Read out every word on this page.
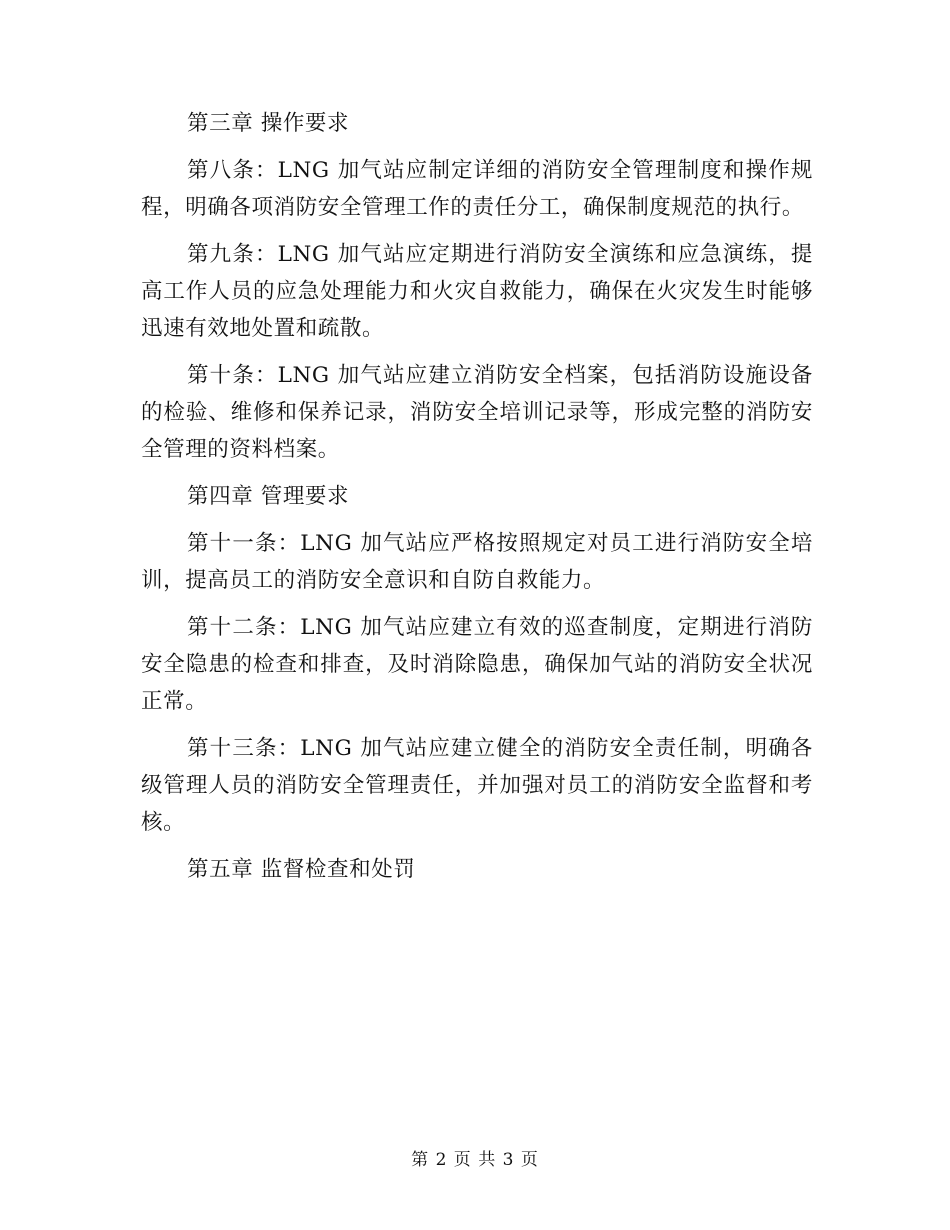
第三章 操作要求

第八条：LNG 加气站应制定详细的消防安全管理制度和操作规程，明确各项消防安全管理工作的责任分工，确保制度规范的执行。

第九条：LNG 加气站应定期进行消防安全演练和应急演练，提高工作人员的应急处理能力和火灾自救能力，确保在火灾发生时能够迅速有效地处置和疏散。

第十条：LNG 加气站应建立消防安全档案，包括消防设施设备的检验、维修和保养记录，消防安全培训记录等，形成完整的消防安全管理的资料档案。

第四章 管理要求

第十一条：LNG 加气站应严格按照规定对员工进行消防安全培训，提高员工的消防安全意识和自防自救能力。

第十二条：LNG 加气站应建立有效的巡查制度，定期进行消防安全隐患的检查和排查，及时消除隐患，确保加气站的消防安全状况正常。

第十三条：LNG 加气站应建立健全的消防安全责任制，明确各级管理人员的消防安全管理责任，并加强对员工的消防安全监督和考核。

第五章 监督检查和处罚

第 2 页 共 3 页
